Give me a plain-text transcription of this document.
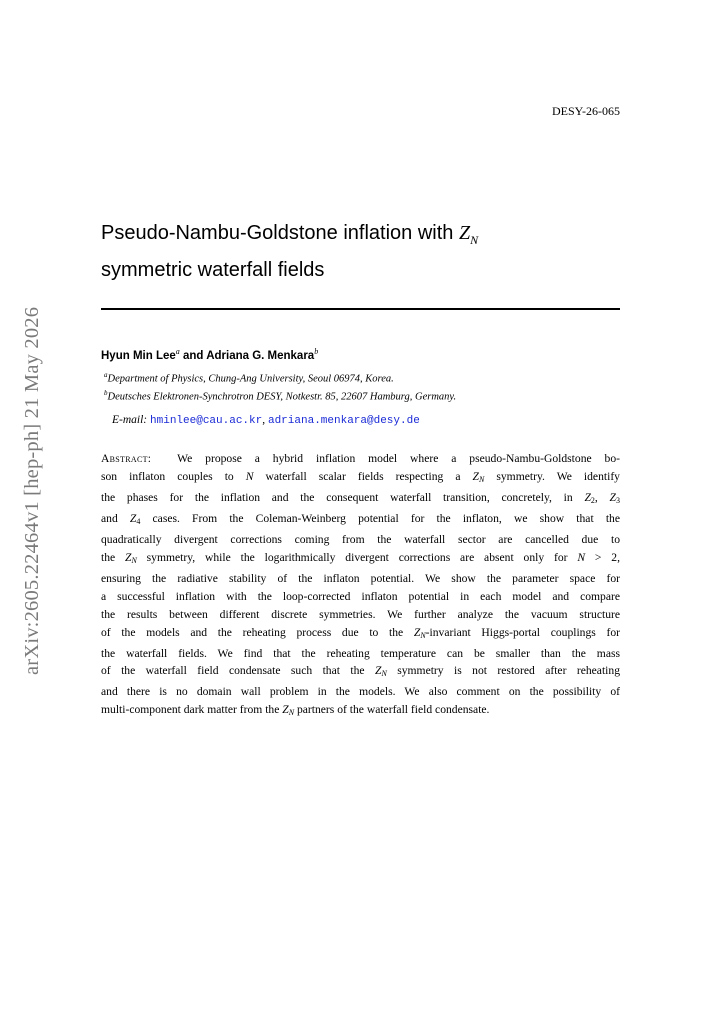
DESY-26-065
arXiv:2605.22464v1 [hep-ph] 21 May 2026
Pseudo-Nambu-Goldstone inflation with $Z_N$
symmetric waterfall fields
Hyun Min Lee$^a$ and Adriana G. Menkara$^b$
$^a$Department of Physics, Chung-Ang University, Seoul 06974, Korea.
$^b$Deutsches Elektronen-Synchrotron DESY, Notkestr. 85, 22607 Hamburg, Germany.
E-mail: hminlee@cau.ac.kr, adriana.menkara@desy.de
Abstract: We propose a hybrid inflation model where a pseudo-Nambu-Goldstone bo-
son inflaton couples to N waterfall scalar fields respecting a $Z_N$ symmetry. We identify
the phases for the inflation and the consequent waterfall transition, concretely, in $Z_2$, $Z_3$
and $Z_4$ cases. From the Coleman-Weinberg potential for the inflaton, we show that the
quadratically divergent corrections coming from the waterfall sector are cancelled due to
the $Z_N$ symmetry, while the logarithmically divergent corrections are absent only for N > 2,
ensuring the radiative stability of the inflaton potential. We show the parameter space for
a successful inflation with the loop-corrected inflaton potential in each model and compare
the results between different discrete symmetries. We further analyze the vacuum structure
of the models and the reheating process due to the $Z_N$-invariant Higgs-portal couplings for
the waterfall fields. We find that the reheating temperature can be smaller than the mass
of the waterfall field condensate such that the $Z_N$ symmetry is not restored after reheating
and there is no domain wall problem in the models. We also comment on the possibility of
multi-component dark matter from the $Z_N$ partners of the waterfall field condensate.
